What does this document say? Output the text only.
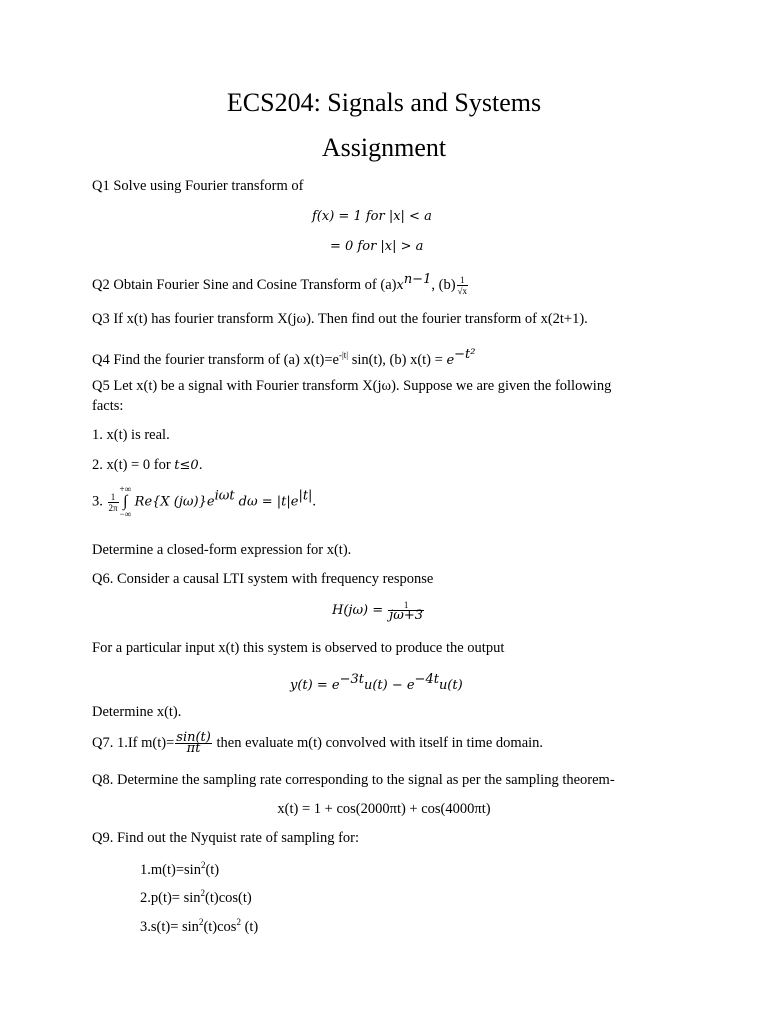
ECS204: Signals and Systems
Assignment
Q1 Solve using Fourier transform of
f(x) = 1 for |x| < a
= 0 for |x| > a
Q2 Obtain Fourier Sine and Cosine Transform of $(a)x^{n-1}$, $(b) \frac{1}{√x}$
Q3 If x(t) has fourier transform X(jω). Then find out the fourier transform of x(2t+1).
Q4 Find the fourier transform of (a) $x(t)=e^{-|t|}$ sin(t), (b) $x(t) = e^{-t^2}$
Q5 Let x(t) be a signal with Fourier transform X(jω). Suppose we are given the following
facts:
1. x(t) is real.
2. x(t) = 0 for t≤0.
3. $\frac{1}{2\pi}$
+∞
∫
−∞ Re{X $(j\omega)\}e^{i\omega t}$ $d\omega = |t|e^{|t|}$.
Determine a closed-form expression for x(t).
Q6. Consider a causal LTI system with frequency response
$H(j\omega) = \frac{1}{j\omega+3}$
For a particular input x(t) this system is observed to produce the output
$y(t) = e^{-3t}u(t) - e^{-4t}u(t)$
Determine x(t).
Q7. 1.If $m(t)= \frac{\sin(t)}{\pi t}$ then evaluate m(t) convolved with itself in time domain.
Q8. Determine the sampling rate corresponding to the signal as per the sampling theorem-
x(t) = 1 + cos(2000πt) + cos(4000πt)
Q9. Find out the Nyquist rate of sampling for:
$1.m(t)=\sin^2(t)$
$2.p(t)= \sin^2(t)\cos(t)$
$3.s(t)= \sin^2(t)\cos^2$ (t)
